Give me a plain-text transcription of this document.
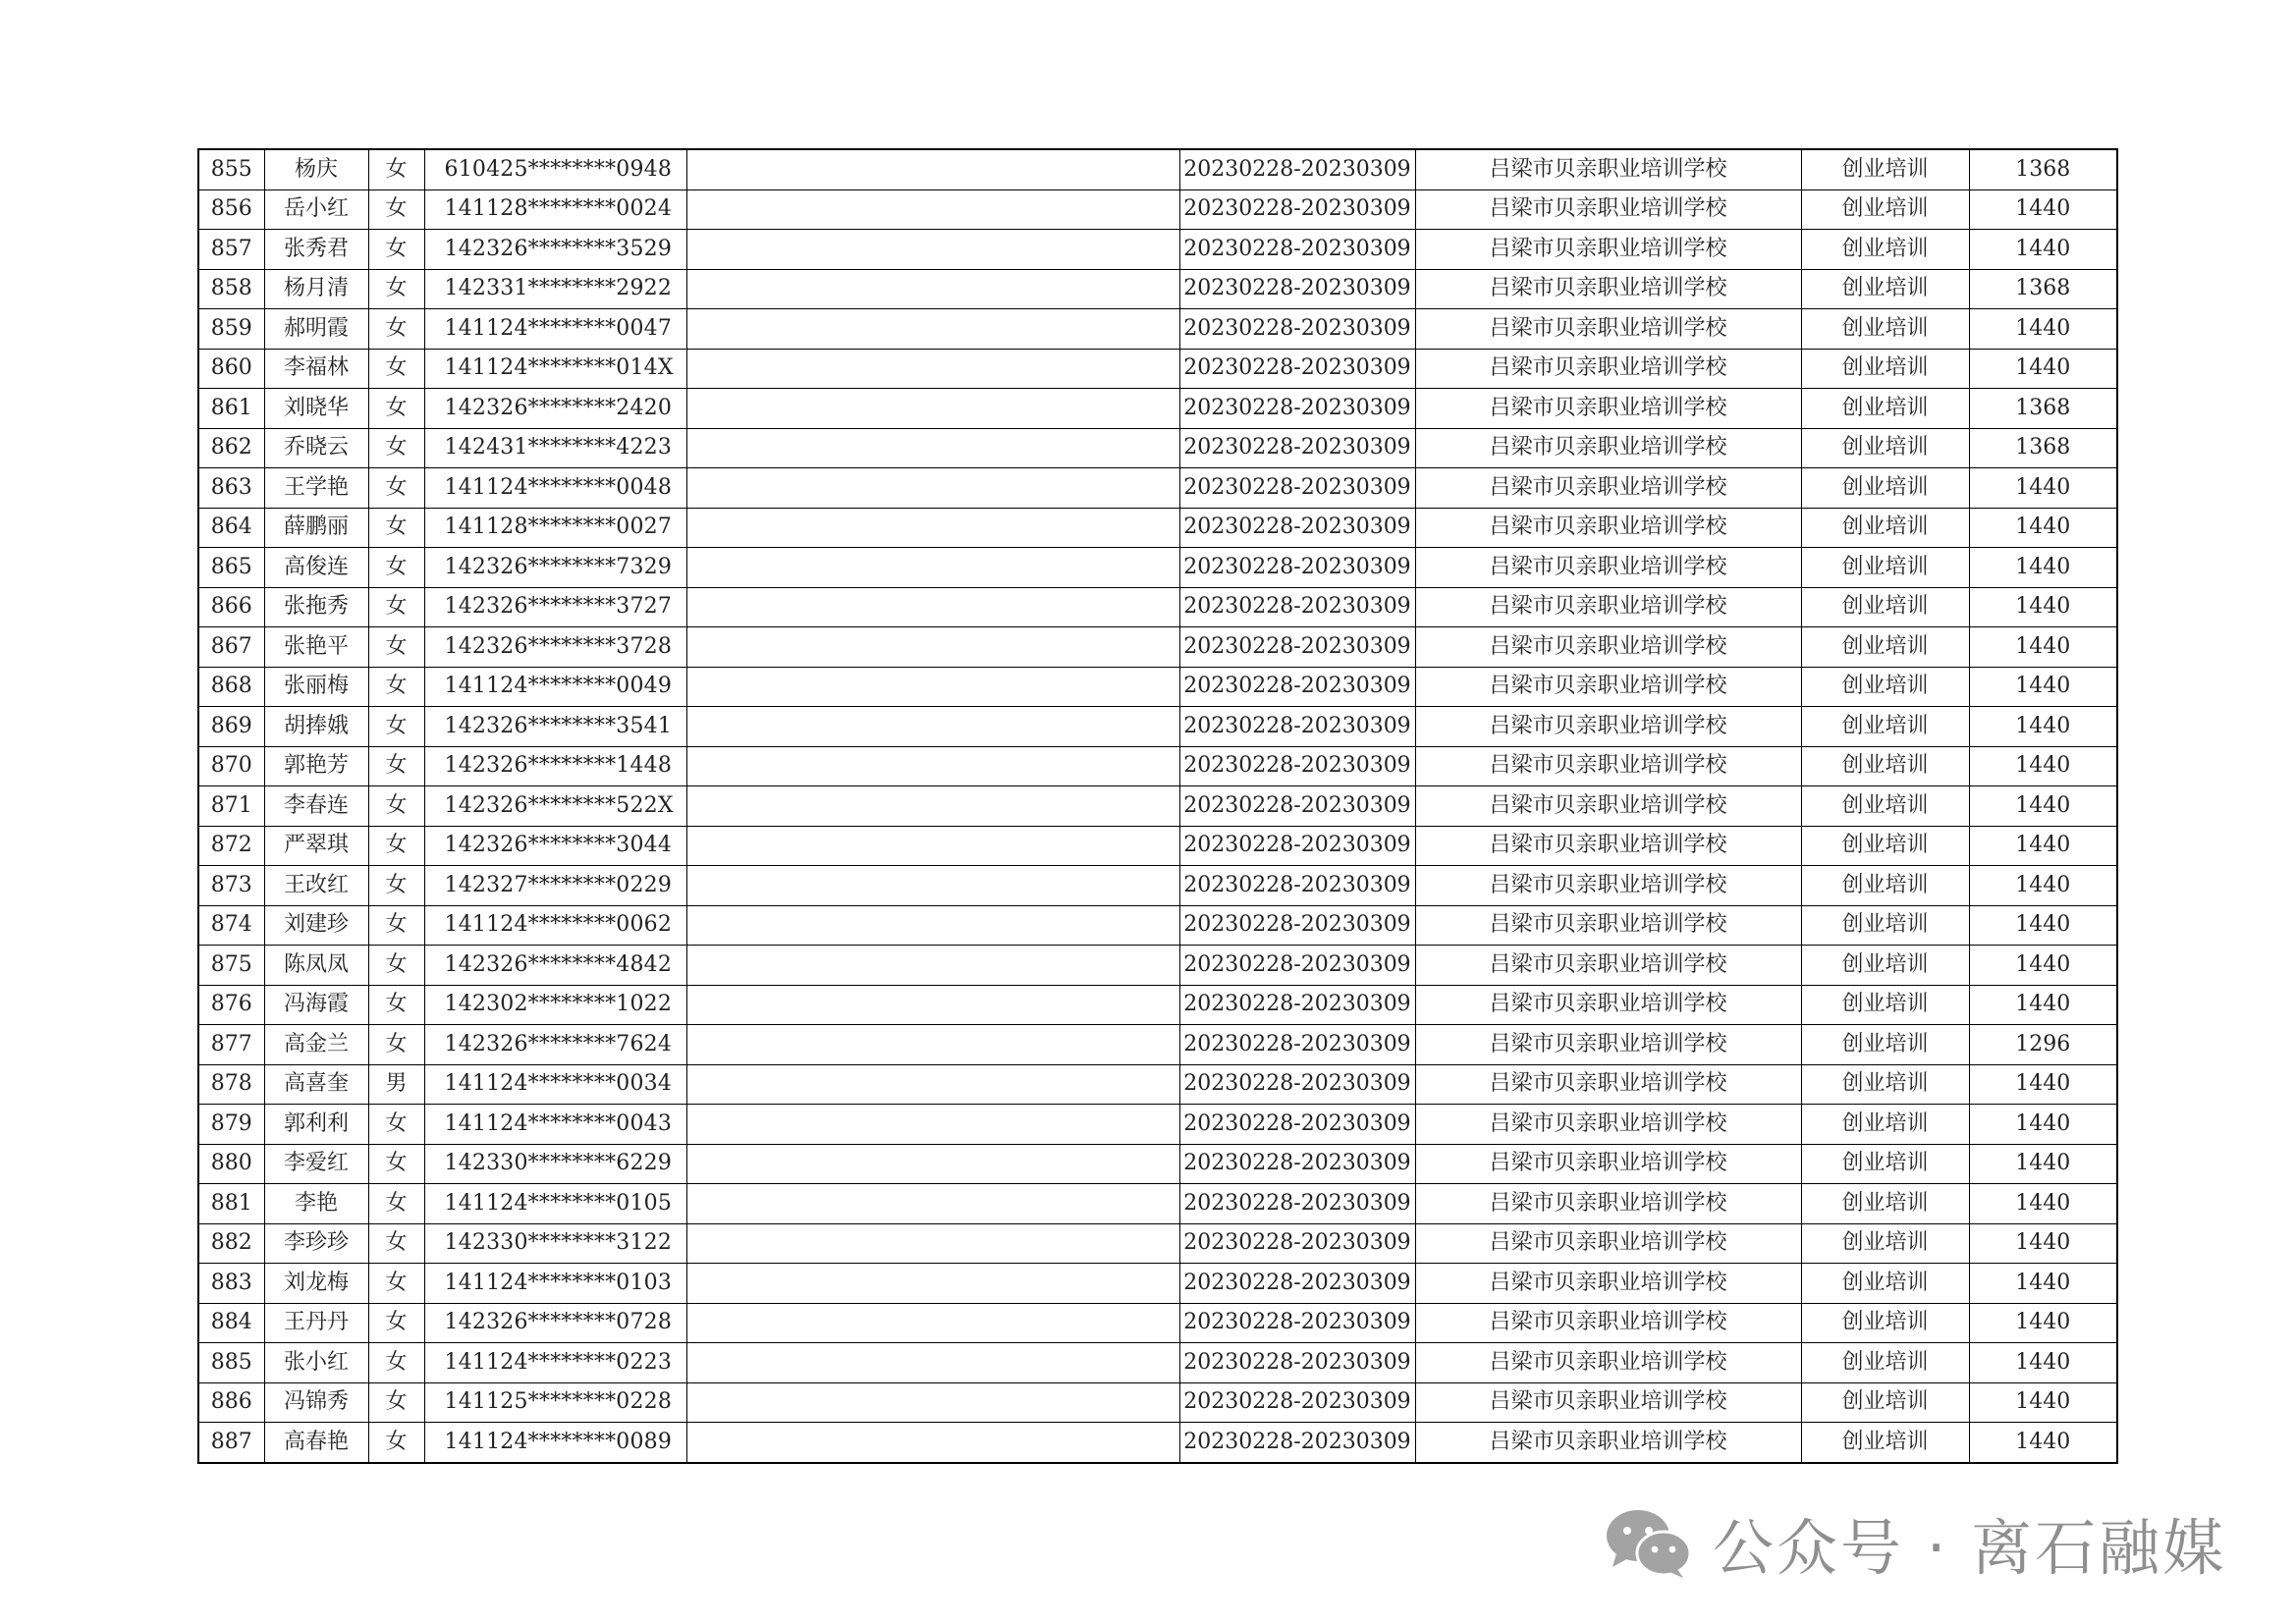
855	杨庆	女	610425********0948		20230228-20230309	吕梁市贝亲职业培训学校	创业培训	1368
856	岳小红	女	141128********0024		20230228-20230309	吕梁市贝亲职业培训学校	创业培训	1440
857	张秀君	女	142326********3529		20230228-20230309	吕梁市贝亲职业培训学校	创业培训	1440
858	杨月清	女	142331********2922		20230228-20230309	吕梁市贝亲职业培训学校	创业培训	1368
859	郝明霞	女	141124********0047		20230228-20230309	吕梁市贝亲职业培训学校	创业培训	1440
860	李福林	女	141124********014X		20230228-20230309	吕梁市贝亲职业培训学校	创业培训	1440
861	刘晓华	女	142326********2420		20230228-20230309	吕梁市贝亲职业培训学校	创业培训	1368
862	乔晓云	女	142431********4223		20230228-20230309	吕梁市贝亲职业培训学校	创业培训	1368
863	王学艳	女	141124********0048		20230228-20230309	吕梁市贝亲职业培训学校	创业培训	1440
864	薛鹏丽	女	141128********0027		20230228-20230309	吕梁市贝亲职业培训学校	创业培训	1440
865	高俊连	女	142326********7329		20230228-20230309	吕梁市贝亲职业培训学校	创业培训	1440
866	张拖秀	女	142326********3727		20230228-20230309	吕梁市贝亲职业培训学校	创业培训	1440
867	张艳平	女	142326********3728		20230228-20230309	吕梁市贝亲职业培训学校	创业培训	1440
868	张丽梅	女	141124********0049		20230228-20230309	吕梁市贝亲职业培训学校	创业培训	1440
869	胡捧娥	女	142326********3541		20230228-20230309	吕梁市贝亲职业培训学校	创业培训	1440
870	郭艳芳	女	142326********1448		20230228-20230309	吕梁市贝亲职业培训学校	创业培训	1440
871	李春连	女	142326********522X		20230228-20230309	吕梁市贝亲职业培训学校	创业培训	1440
872	严翠琪	女	142326********3044		20230228-20230309	吕梁市贝亲职业培训学校	创业培训	1440
873	王改红	女	142327********0229		20230228-20230309	吕梁市贝亲职业培训学校	创业培训	1440
874	刘建珍	女	141124********0062		20230228-20230309	吕梁市贝亲职业培训学校	创业培训	1440
875	陈凤凤	女	142326********4842		20230228-20230309	吕梁市贝亲职业培训学校	创业培训	1440
876	冯海霞	女	142302********1022		20230228-20230309	吕梁市贝亲职业培训学校	创业培训	1440
877	高金兰	女	142326********7624		20230228-20230309	吕梁市贝亲职业培训学校	创业培训	1296
878	高喜奎	男	141124********0034		20230228-20230309	吕梁市贝亲职业培训学校	创业培训	1440
879	郭利利	女	141124********0043		20230228-20230309	吕梁市贝亲职业培训学校	创业培训	1440
880	李爱红	女	142330********6229		20230228-20230309	吕梁市贝亲职业培训学校	创业培训	1440
881	李艳	女	141124********0105		20230228-20230309	吕梁市贝亲职业培训学校	创业培训	1440
882	李珍珍	女	142330********3122		20230228-20230309	吕梁市贝亲职业培训学校	创业培训	1440
883	刘龙梅	女	141124********0103		20230228-20230309	吕梁市贝亲职业培训学校	创业培训	1440
884	王丹丹	女	142326********0728		20230228-20230309	吕梁市贝亲职业培训学校	创业培训	1440
885	张小红	女	141124********0223		20230228-20230309	吕梁市贝亲职业培训学校	创业培训	1440
886	冯锦秀	女	141125********0228		20230228-20230309	吕梁市贝亲职业培训学校	创业培训	1440
887	高春艳	女	141124********0089		20230228-20230309	吕梁市贝亲职业培训学校	创业培训	1440
公众号 · 离石融媒
